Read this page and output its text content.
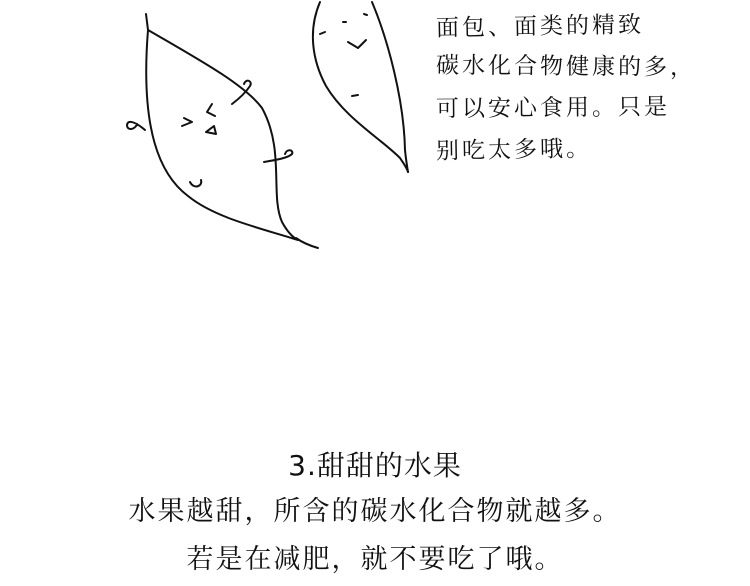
面包、面类的精致
碳水化合物健康的多，
可以安心食用。只是
别吃太多哦。
3.甜甜的水果
水果越甜，所含的碳水化合物就越多。
若是在减肥，就不要吃了哦。
